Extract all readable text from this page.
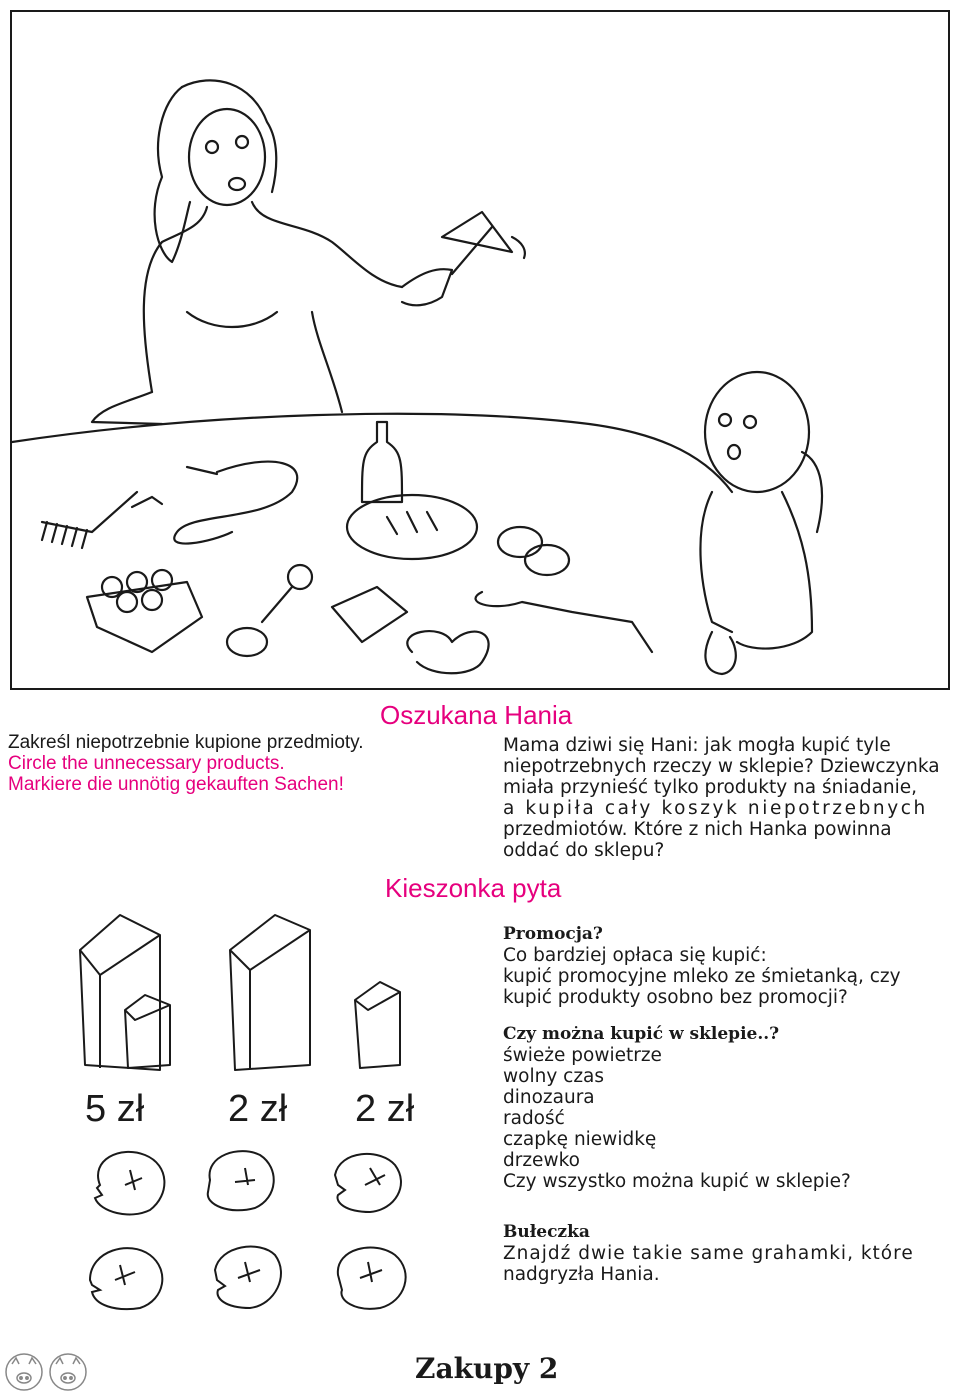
Oszukana Hania
Zakreśl niepotrzebnie kupione przedmioty.
Circle the unnecessary products.
Markiere die unnötig gekauften Sachen!
Mama dziwi się Hani: jak mogła kupić tyle
niepotrzebnych rzeczy w sklepie? Dziewczynka
miała przynieść tylko produkty na śniadanie,
a kupiła cały koszyk niepotrzebnych
przedmiotów. Które z nich Hanka powinna
oddać do sklepu?
Kieszonka pyta
5 zł 2 zł 2 zł
Promocja?
Co bardziej opłaca się kupić:
kupić promocyjne mleko ze śmietanką, czy
kupić produkty osobno bez promocji?
Czy można kupić w sklepie..?
świeże powietrze
wolny czas
dinozaura
radość
czapkę niewidkę
drzewko
Czy wszystko można kupić w sklepie?
Bułeczka
Znajdź dwie takie same grahamki, które
nadgryzła Hania.
Zakupy 2
